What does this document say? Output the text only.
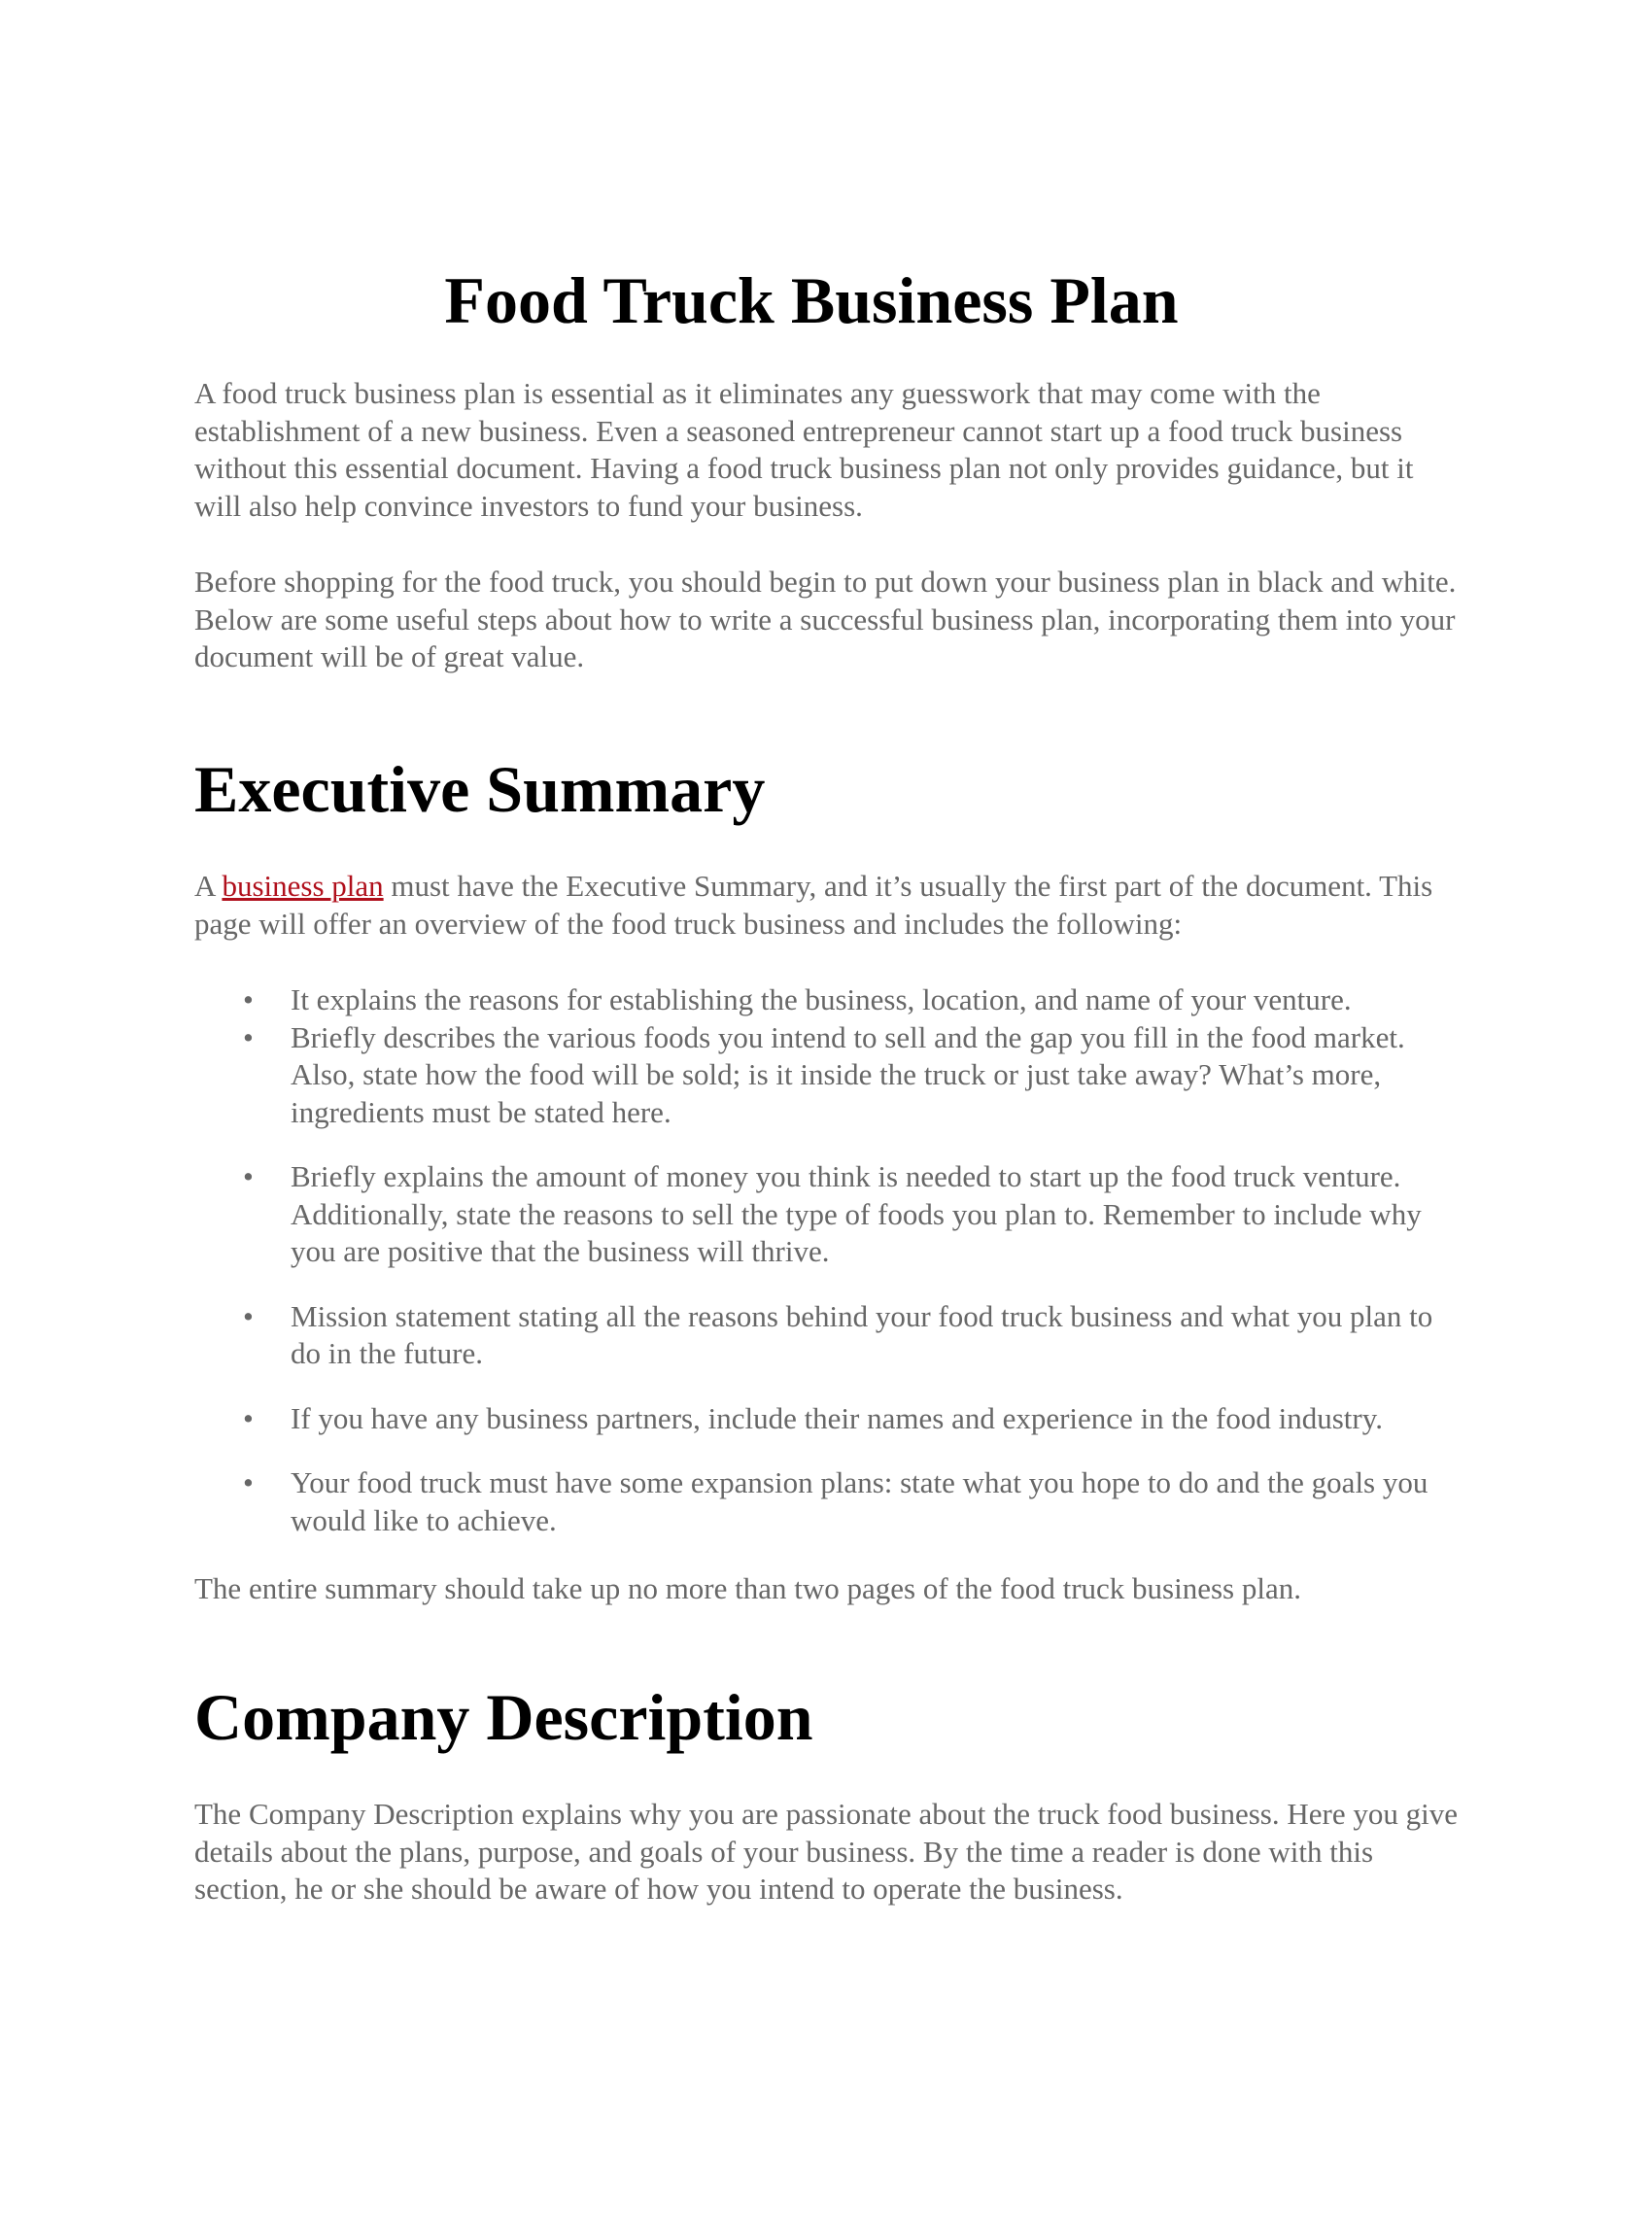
Food Truck Business Plan

A food truck business plan is essential as it eliminates any guesswork that may come with the establishment of a new business. Even a seasoned entrepreneur cannot start up a food truck business without this essential document. Having a food truck business plan not only provides guidance, but it will also help convince investors to fund your business.

Before shopping for the food truck, you should begin to put down your business plan in black and white. Below are some useful steps about how to write a successful business plan, incorporating them into your document will be of great value.

Executive Summary

A business plan must have the Executive Summary, and it’s usually the first part of the document. This page will offer an overview of the food truck business and includes the following:

• It explains the reasons for establishing the business, location, and name of your venture.
• Briefly describes the various foods you intend to sell and the gap you fill in the food market. Also, state how the food will be sold; is it inside the truck or just take away? What’s more, ingredients must be stated here.
• Briefly explains the amount of money you think is needed to start up the food truck venture. Additionally, state the reasons to sell the type of foods you plan to. Remember to include why you are positive that the business will thrive.
• Mission statement stating all the reasons behind your food truck business and what you plan to do in the future.
• If you have any business partners, include their names and experience in the food industry.
• Your food truck must have some expansion plans: state what you hope to do and the goals you would like to achieve.

The entire summary should take up no more than two pages of the food truck business plan.

Company Description

The Company Description explains why you are passionate about the truck food business. Here you give details about the plans, purpose, and goals of your business. By the time a reader is done with this section, he or she should be aware of how you intend to operate the business.
